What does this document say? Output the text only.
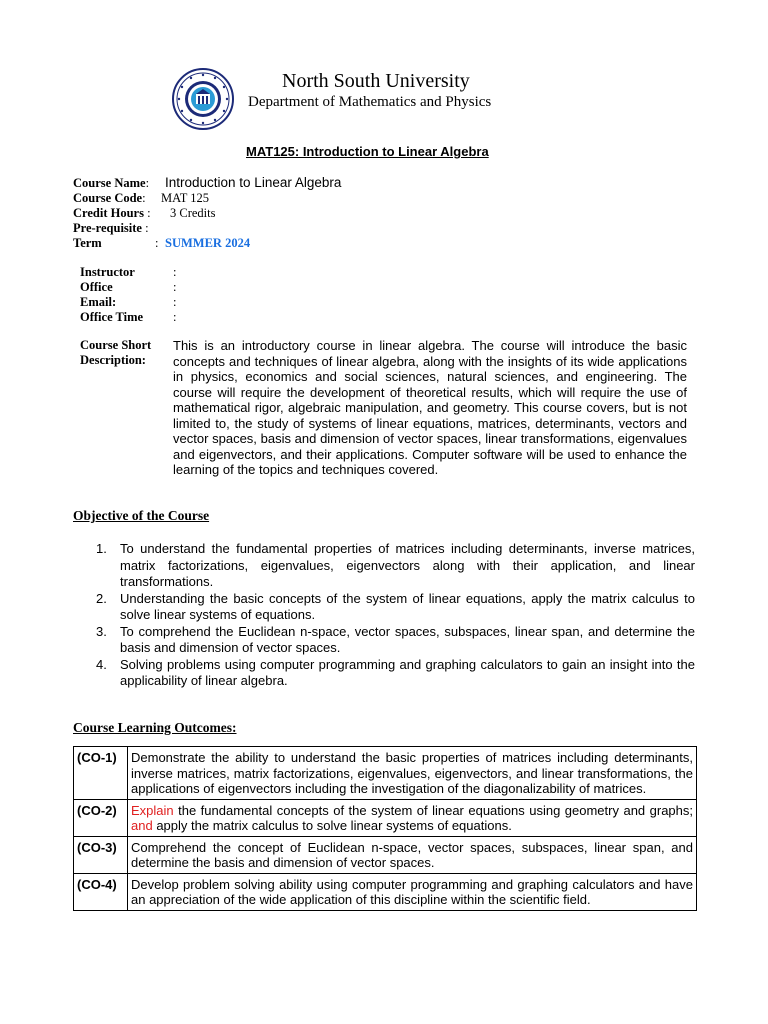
North South University
Department of Mathematics and Physics
MAT125: Introduction to Linear Algebra
Course Name: Introduction to Linear Algebra
Course Code: MAT 125
Credit Hours : 3 Credits
Pre-requisite :
Term	: SUMMER 2024
Instructor	:
Office	:
Email:	:
Office Time :
Course Short Description:
This is an introductory course in linear algebra. The course will introduce the basic concepts and techniques of linear algebra, along with the insights of its wide applications in physics, economics and social sciences, natural sciences, and engineering. The course will require the development of theoretical results, which will require the use of mathematical rigor, algebraic manipulation, and geometry. This course covers, but is not limited to, the study of systems of linear equations, matrices, determinants, vectors and vector spaces, basis and dimension of vector spaces, linear transformations, eigenvalues and eigenvectors, and their applications. Computer software will be used to enhance the learning of the topics and techniques covered.
Objective of the Course
1. To understand the fundamental properties of matrices including determinants, inverse matrices, matrix factorizations, eigenvalues, eigenvectors along with their application, and linear transformations.
2. Understanding the basic concepts of the system of linear equations, apply the matrix calculus to solve linear systems of equations.
3. To comprehend the Euclidean n-space, vector spaces, subspaces, linear span, and determine the basis and dimension of vector spaces.
4. Solving problems using computer programming and graphing calculators to gain an insight into the applicability of linear algebra.
Course Learning Outcomes:
(CO-1)	Demonstrate the ability to understand the basic properties of matrices including determinants, inverse matrices, matrix factorizations, eigenvalues, eigenvectors, and linear transformations, the applications of eigenvectors including the investigation of the diagonalizability of matrices.
(CO-2)	Explain the fundamental concepts of the system of linear equations using geometry and graphs; and apply the matrix calculus to solve linear systems of equations.
(CO-3)	Comprehend the concept of Euclidean n-space, vector spaces, subspaces, linear span, and determine the basis and dimension of vector spaces.
(CO-4)	Develop problem solving ability using computer programming and graphing calculators and have an appreciation of the wide application of this discipline within the scientific field.
